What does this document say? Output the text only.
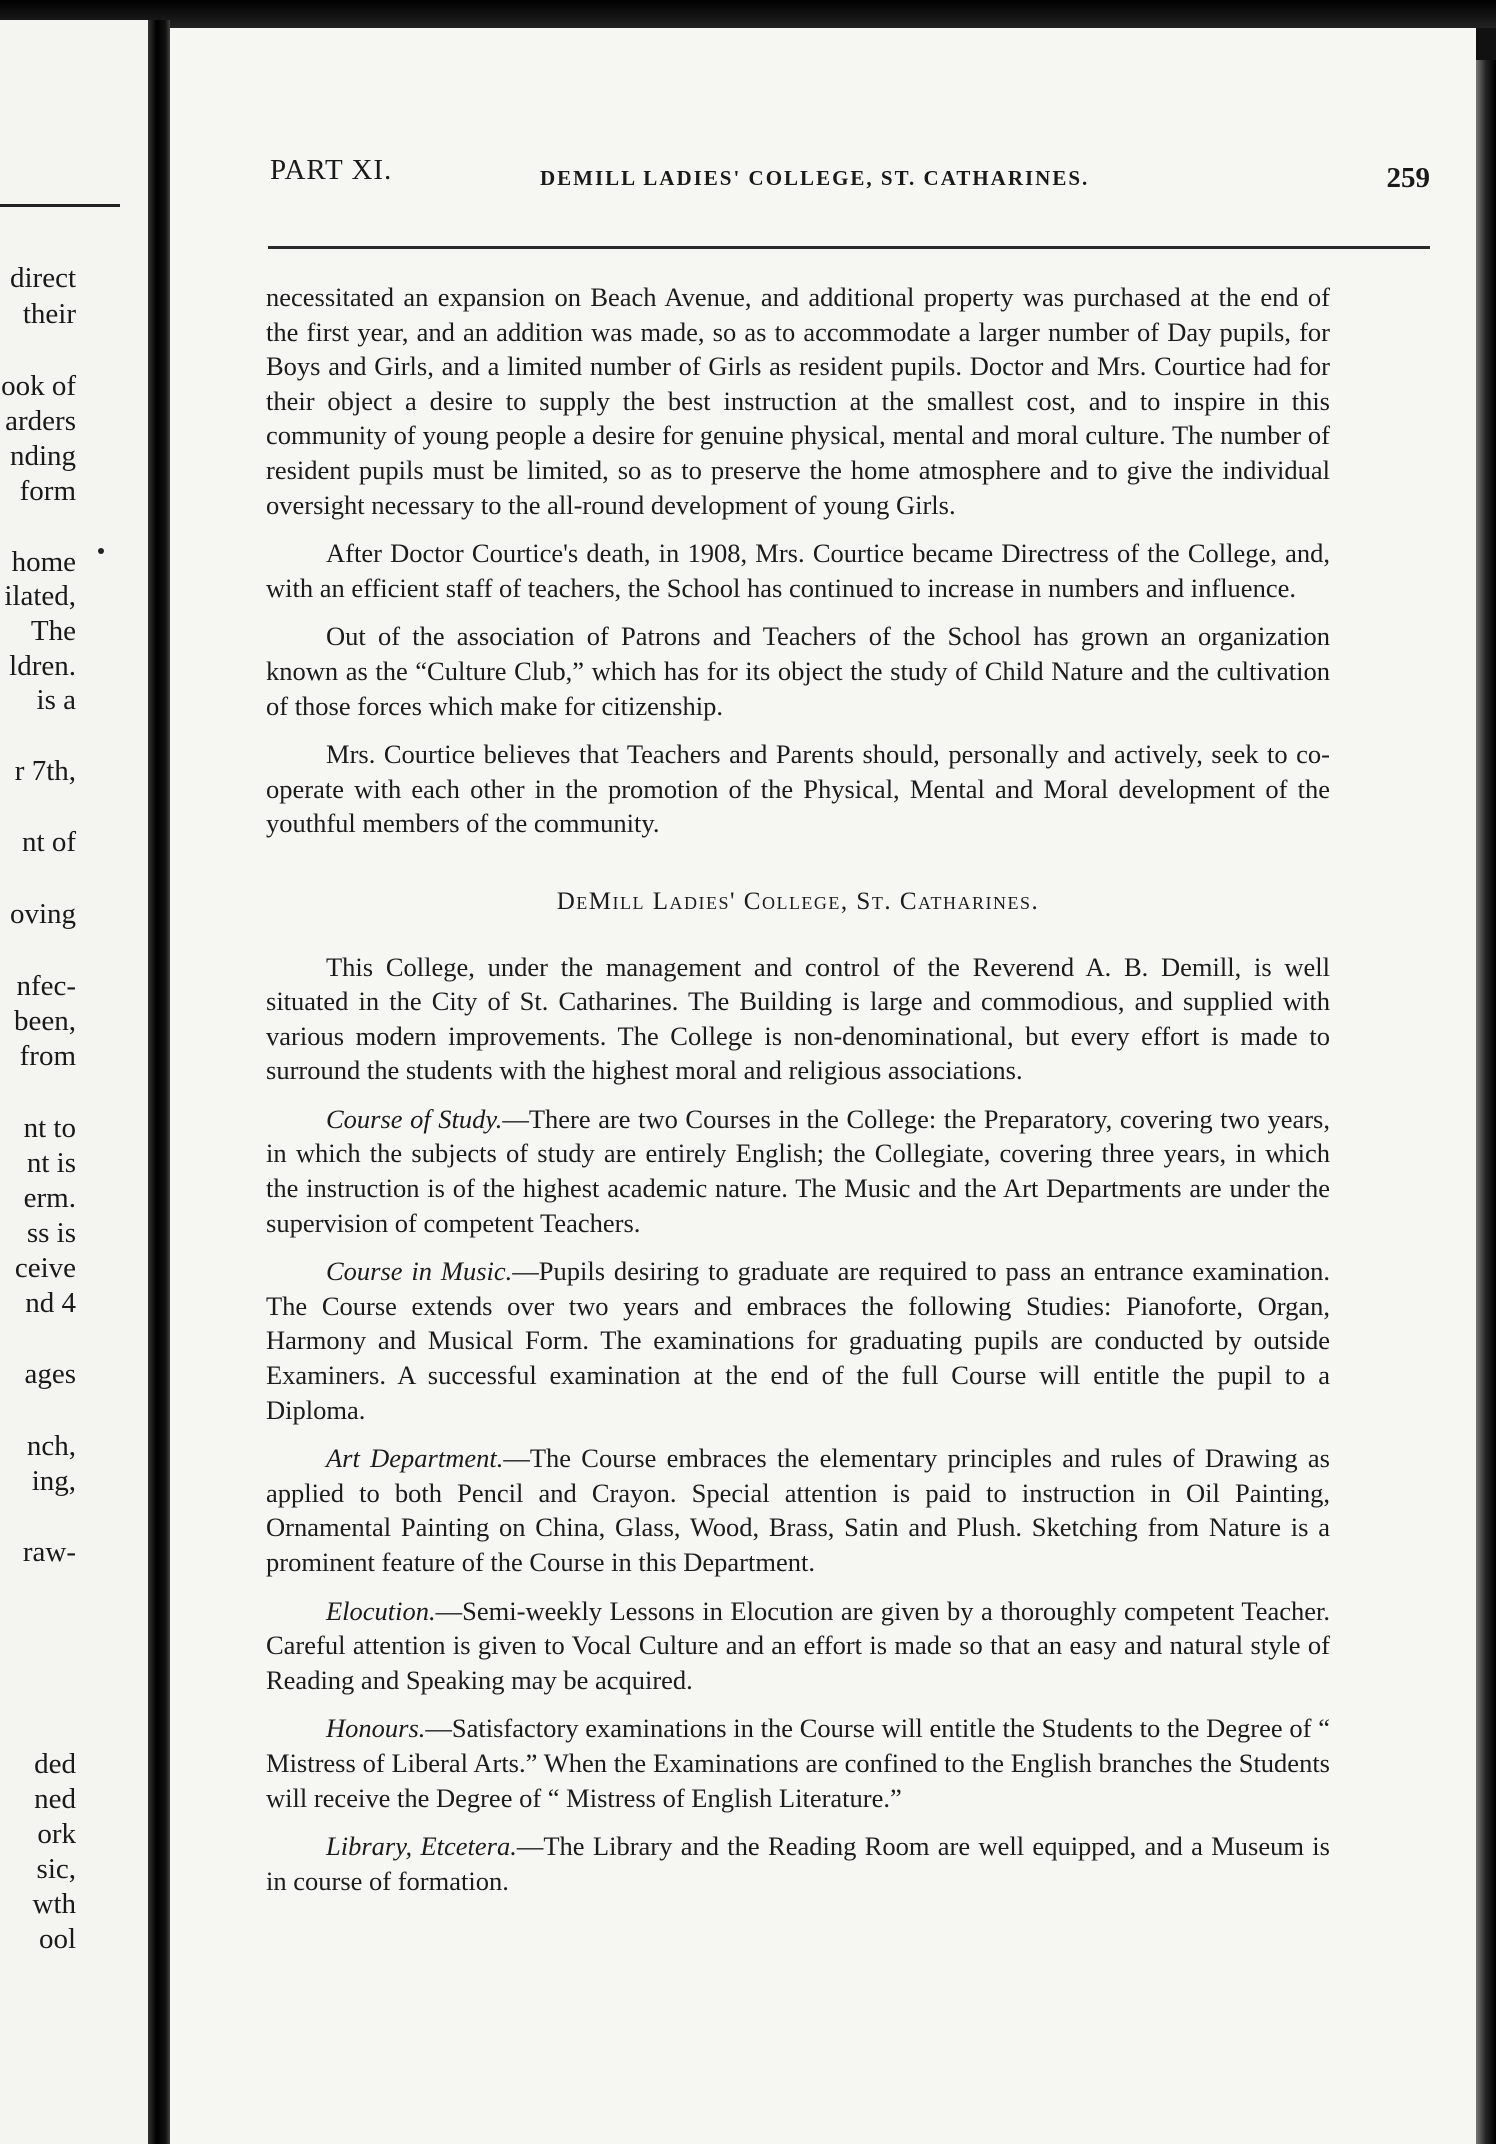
direct
their
ook of
arders
nding
form
home
ilated,
The
ldren.
is a
r 7th,
nt of
oving
nfec-
been,
from
nt to
nt is
erm.
ss is
ceive
nd 4
ages
nch,
ing,
raw-
ded
ned
ork
sic,
wth
ool
PART XI.	DEMILL LADIES' COLLEGE, ST. CATHARINES.	259

necessitated an expansion on Beach Avenue, and additional property was purchased at the end of the first year, and an addition was made, so as to accommodate a larger number of Day pupils, for Boys and Girls, and a limited number of Girls as resident pupils. Doctor and Mrs. Courtice had for their object a desire to supply the best instruction at the smallest cost, and to inspire in this community of young people a desire for genuine physical, mental and moral culture. The number of resident pupils must be limited, so as to preserve the home atmosphere and to give the individual oversight necessary to the all-round development of young Girls.

After Doctor Courtice's death, in 1908, Mrs. Courtice became Directress of the College, and, with an efficient staff of teachers, the School has continued to increase in numbers and influence.

Out of the association of Patrons and Teachers of the School has grown an organization known as the “Culture Club,” which has for its object the study of Child Nature and the cultivation of those forces which make for citizenship.

Mrs. Courtice believes that Teachers and Parents should, personally and actively, seek to co-operate with each other in the promotion of the Physical, Mental and Moral development of the youthful members of the community.

DeMill Ladies' College, St. Catharines.

This College, under the management and control of the Reverend A. B. Demill, is well situated in the City of St. Catharines. The Building is large and commodious, and supplied with various modern improvements. The College is non-denominational, but every effort is made to surround the students with the highest moral and religious associations.

Course of Study.—There are two Courses in the College: the Preparatory, covering two years, in which the subjects of study are entirely English; the Collegiate, covering three years, in which the instruction is of the highest academic nature. The Music and the Art Departments are under the supervision of competent Teachers.

Course in Music.—Pupils desiring to graduate are required to pass an entrance examination. The Course extends over two years and embraces the following Studies: Pianoforte, Organ, Harmony and Musical Form. The examinations for graduating pupils are conducted by outside Examiners. A successful examination at the end of the full Course will entitle the pupil to a Diploma.

Art Department.—The Course embraces the elementary principles and rules of Drawing as applied to both Pencil and Crayon. Special attention is paid to instruction in Oil Painting, Ornamental Painting on China, Glass, Wood, Brass, Satin and Plush. Sketching from Nature is a prominent feature of the Course in this Department.

Elocution.—Semi-weekly Lessons in Elocution are given by a thoroughly competent Teacher. Careful attention is given to Vocal Culture and an effort is made so that an easy and natural style of Reading and Speaking may be acquired.

Honours.—Satisfactory examinations in the Course will entitle the Students to the Degree of “ Mistress of Liberal Arts.” When the Examinations are confined to the English branches the Students will receive the Degree of “ Mistress of English Literature.”

Library, Etcetera.—The Library and the Reading Room are well equipped, and a Museum is in course of formation.
